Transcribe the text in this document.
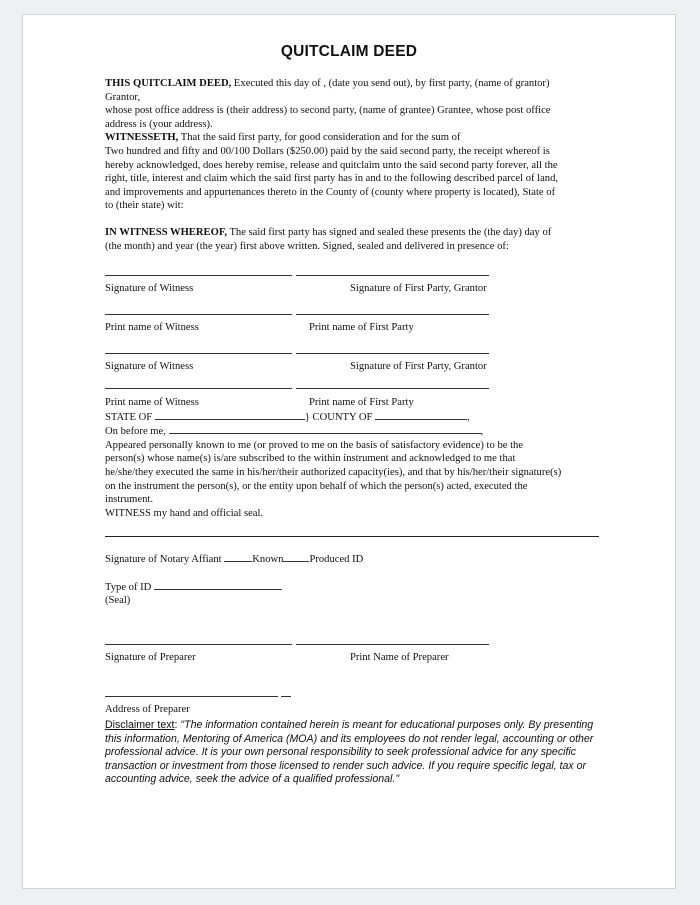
QUITCLAIM DEED

THIS QUITCLAIM DEED, Executed this day of , (date you send out), by first party, (name of grantor)

Grantor,

whose post office address is (their address) to second party, (name of grantee) Grantee, whose post office

address is (your address).

WITNESSETH, That the said first party, for good consideration and for the sum of

Two hundred and fifty and 00/100 Dollars ($250.00) paid by the said second party, the receipt whereof is

hereby acknowledged, does hereby remise, release and quitclaim unto the said second party forever, all the

right, title, interest and claim which the said first party has in and to the following described parcel of land,

and improvements and appurtenances thereto in the County of (county where property is located), State of

to (their state) wit:

IN WITNESS WHEREOF, The said first party has signed and sealed these presents the (the day) day of

(the month) and year (the year) first above written. Signed, sealed and delivered in presence of:

Signature of Witness	Signature of First Party, Grantor
Print name of Witness	Print name of First Party
Signature of Witness	Signature of First Party, Grantor

Print name of Witness	Print name of First Party

STATE OF	} COUNTY OF	,

On before me,	,

Appeared personally known to me (or proved to me on the basis of satisfactory evidence) to be the

person(s) whose name(s) is/are subscribed to the within instrument and acknowledged to me that

he/she/they executed the same in his/her/their authorized capacity(ies), and that by his/her/their signature(s)

on the instrument the person(s), or the entity upon behalf of which the person(s) acted, executed the

instrument.

WITNESS my hand and official seal.

Signature of Notary Affiant	Known Produced ID

Type of ID

(Seal)

Signature of Preparer	Print Name of Preparer
Address of Preparer
Disclaimer text: "The information contained herein is meant for educational purposes only. By presenting this information, Mentoring of America (MOA) and its employees do not render legal, accounting or other professional advice. It is your own personal responsibility to seek professional advice for any specific transaction or investment from those licensed to render such advice. If you require specific legal, tax or accounting advice, seek the advice of a qualified professional."
